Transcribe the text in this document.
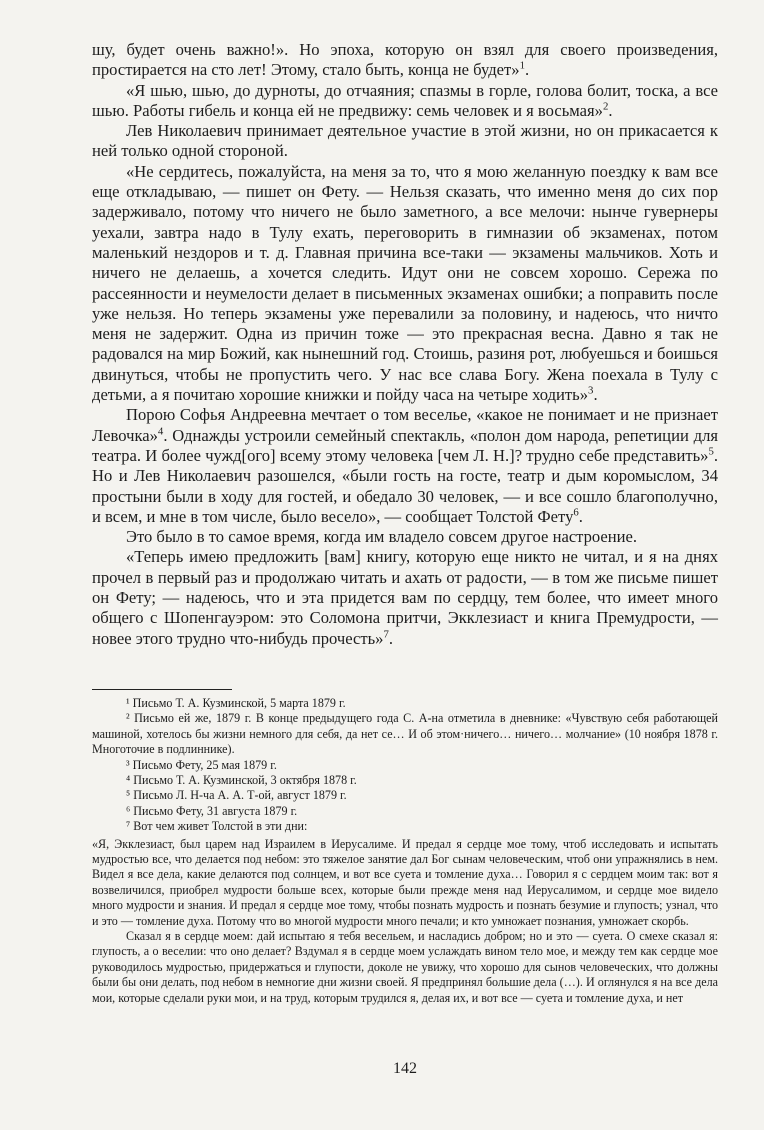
шу, будет очень важно!». Но эпоха, которую он взял для своего произведения, простирается на сто лет! Этому, стало быть, конца не будет»$^1$.

«Я шью, шью, до дурноты, до отчаяния; спазмы в горле, голова болит, тоска, а все шью. Работы гибель и конца ей не предвижу: семь человек и я восьмая»$^2$.

Лев Николаевич принимает деятельное участие в этой жизни, но он прикасается к ней только одной стороной.

«Не сердитесь, пожалуйста, на меня за то, что я мою желанную поездку к вам все еще откладываю, — пишет он Фету. — Нельзя сказать, что именно меня до сих пор задерживало, потому что ничего не было заметного, а все мелочи: нынче гувернеры уехали, завтра надо в Тулу ехать, переговорить в гимназии об экзаменах, потом маленький нездоров и т. д. Главная причина все-таки — экзамены мальчиков. Хоть и ничего не делаешь, а хочется следить. Идут они не совсем хорошо. Сережа по рассеянности и неумелости делает в письменных экзаменах ошибки; а поправить после уже нельзя. Но теперь экзамены уже перевалили за половину, и надеюсь, что ничто меня не задержит. Одна из причин тоже — это прекрасная весна. Давно я так не радовался на мир Божий, как нынешний год. Стоишь, разиня рот, любуешься и боишься двинуться, чтобы не пропустить чего. У нас все слава Богу. Жена поехала в Тулу с детьми, а я почитаю хорошие книжки и пойду часа на четыре ходить»$^3$.

Порою Софья Андреевна мечтает о том веселье, «какое не понимает и не признает Левочка»$^4$. Однажды устроили семейный спектакль, «полон дом народа, репетиции для театра. И более чужд[ого] всему этому человека [чем Л. Н.]? трудно себе представить»$^5$. Но и Лев Николаевич разошелся, «были гость на госте, театр и дым коромыслом, 34 простыни были в ходу для гостей, и обедало 30 человек, — и все сошло благополучно, и всем, и мне в том числе, было весело», — сообщает Толстой Фету$^6$.

Это было в то самое время, когда им владело совсем другое настроение.

«Теперь имею предложить [вам] книгу, которую еще никто не читал, и я на днях прочел в первый раз и продолжаю читать и ахать от радости, — в том же письме пишет он Фету; — надеюсь, что и эта придется вам по сердцу, тем более, что имеет много общего с Шопенгауэром: это Соломона притчи, Экклезиаст и книга Премудрости, — новее этого трудно что-нибудь прочесть»$^7$.

¹ Письмо Т. А. Кузминской, 5 марта 1879 г.

² Письмо ей же, 1879 г. В конце предыдущего года С. А-на отметила в дневнике: «Чувствую себя работающей машиной, хотелось бы жизни немного для себя, да нет се… И об этом·ничего… ничего… молчание» (10 ноября 1878 г. Многоточие в подлиннике).

³ Письмо Фету, 25 мая 1879 г.

⁴ Письмо Т. А. Кузминской, 3 октября 1878 г.

⁵ Письмо Л. Н-ча А. А. Т-ой, август 1879 г.

⁶ Письмо Фету, 31 августа 1879 г.

⁷ Вот чем живет Толстой в эти дни:

«Я, Экклезиаст, был царем над Израилем в Иерусалиме. И предал я сердце мое тому, чтоб исследовать и испытать мудростью все, что делается под небом: это тяжелое занятие дал Бог сынам человеческим, чтоб они упражнялись в нем. Видел я все дела, какие делаются под солнцем, и вот все суета и томление духа… Говорил я с сердцем моим так: вот я возвеличился, приобрел мудрости больше всех, которые были прежде меня над Иерусалимом, и сердце мое видело много мудрости и знания. И предал я сердце мое тому, чтобы познать мудрость и познать безумие и глупость; узнал, что и это — томление духа. Потому что во многой мудрости много печали; и кто умножает познания, умножает скорбь.

Сказал я в сердце моем: дай испытаю я тебя весельем, и насладись добром; но и это — суета. О смехе сказал я: глупость, а о веселии: что оно делает? Вздумал я в сердце моем услаждать вином тело мое, и между тем как сердце мое руководилось мудростью, придержаться и глупости, доколе не увижу, что хорошо для сынов человеческих, что должны были бы они делать, под небом в немногие дни жизни своей. Я предпринял большие дела (…). И оглянулся я на все дела мои, которые сделали руки мои, и на труд, которым трудился я, делая их, и вот все — суета и томление духа, и нет

142
